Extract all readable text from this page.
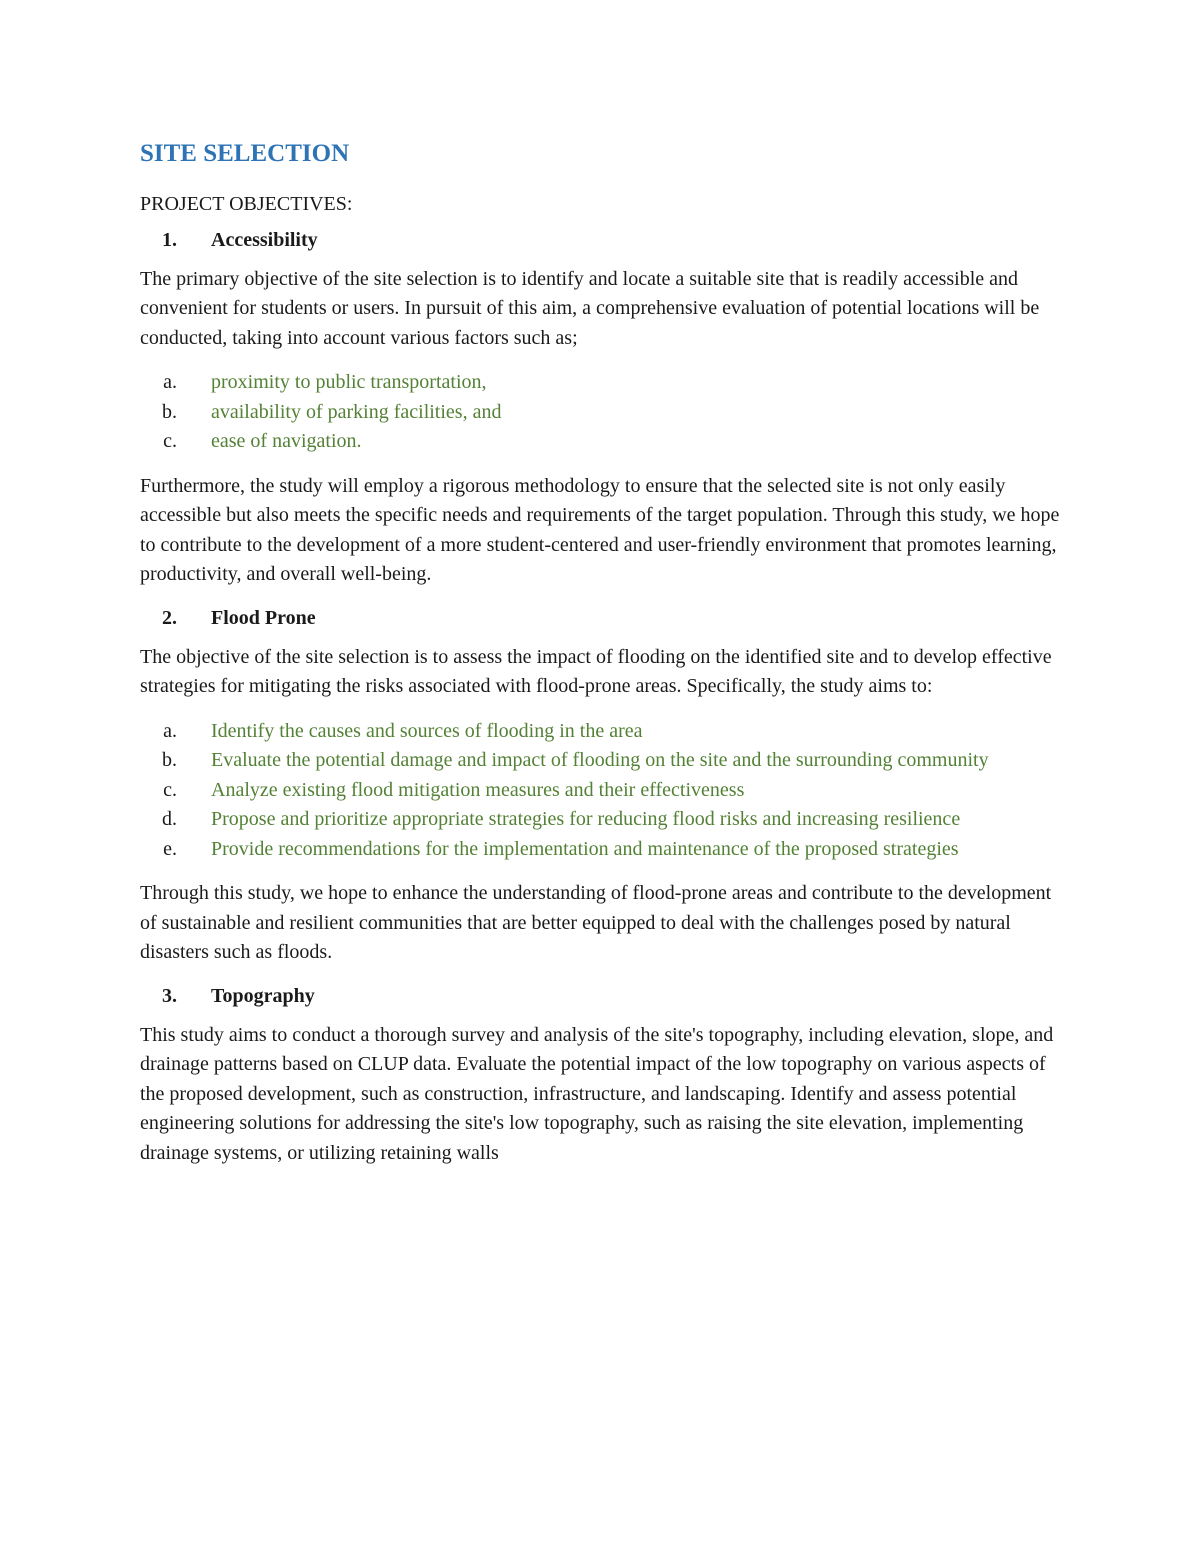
SITE SELECTION
PROJECT OBJECTIVES:
1.	Accessibility

The primary objective of the site selection is to identify and locate a suitable site that is readily accessible and convenient for students or users. In pursuit of this aim, a comprehensive evaluation of potential locations will be conducted, taking into account various factors such as;

a.	proximity to public transportation,
b.	availability of parking facilities, and
c.	ease of navigation.

Furthermore, the study will employ a rigorous methodology to ensure that the selected site is not only easily accessible but also meets the specific needs and requirements of the target population. Through this study, we hope to contribute to the development of a more student-centered and user-friendly environment that promotes learning, productivity, and overall well-being.

2.	Flood Prone

The objective of the site selection is to assess the impact of flooding on the identified site and to develop effective strategies for mitigating the risks associated with flood-prone areas. Specifically, the study aims to:

a.	Identify the causes and sources of flooding in the area
b.	Evaluate the potential damage and impact of flooding on the site and the surrounding community
c.	Analyze existing flood mitigation measures and their effectiveness
d.	Propose and prioritize appropriate strategies for reducing flood risks and increasing resilience
e.	Provide recommendations for the implementation and maintenance of the proposed strategies

Through this study, we hope to enhance the understanding of flood-prone areas and contribute to the development of sustainable and resilient communities that are better equipped to deal with the challenges posed by natural disasters such as floods.

3.	Topography

This study aims to conduct a thorough survey and analysis of the site's topography, including elevation, slope, and drainage patterns based on CLUP data. Evaluate the potential impact of the low topography on various aspects of the proposed development, such as construction, infrastructure, and landscaping. Identify and assess potential engineering solutions for addressing the site's low topography, such as raising the site elevation, implementing drainage systems, or utilizing retaining walls
